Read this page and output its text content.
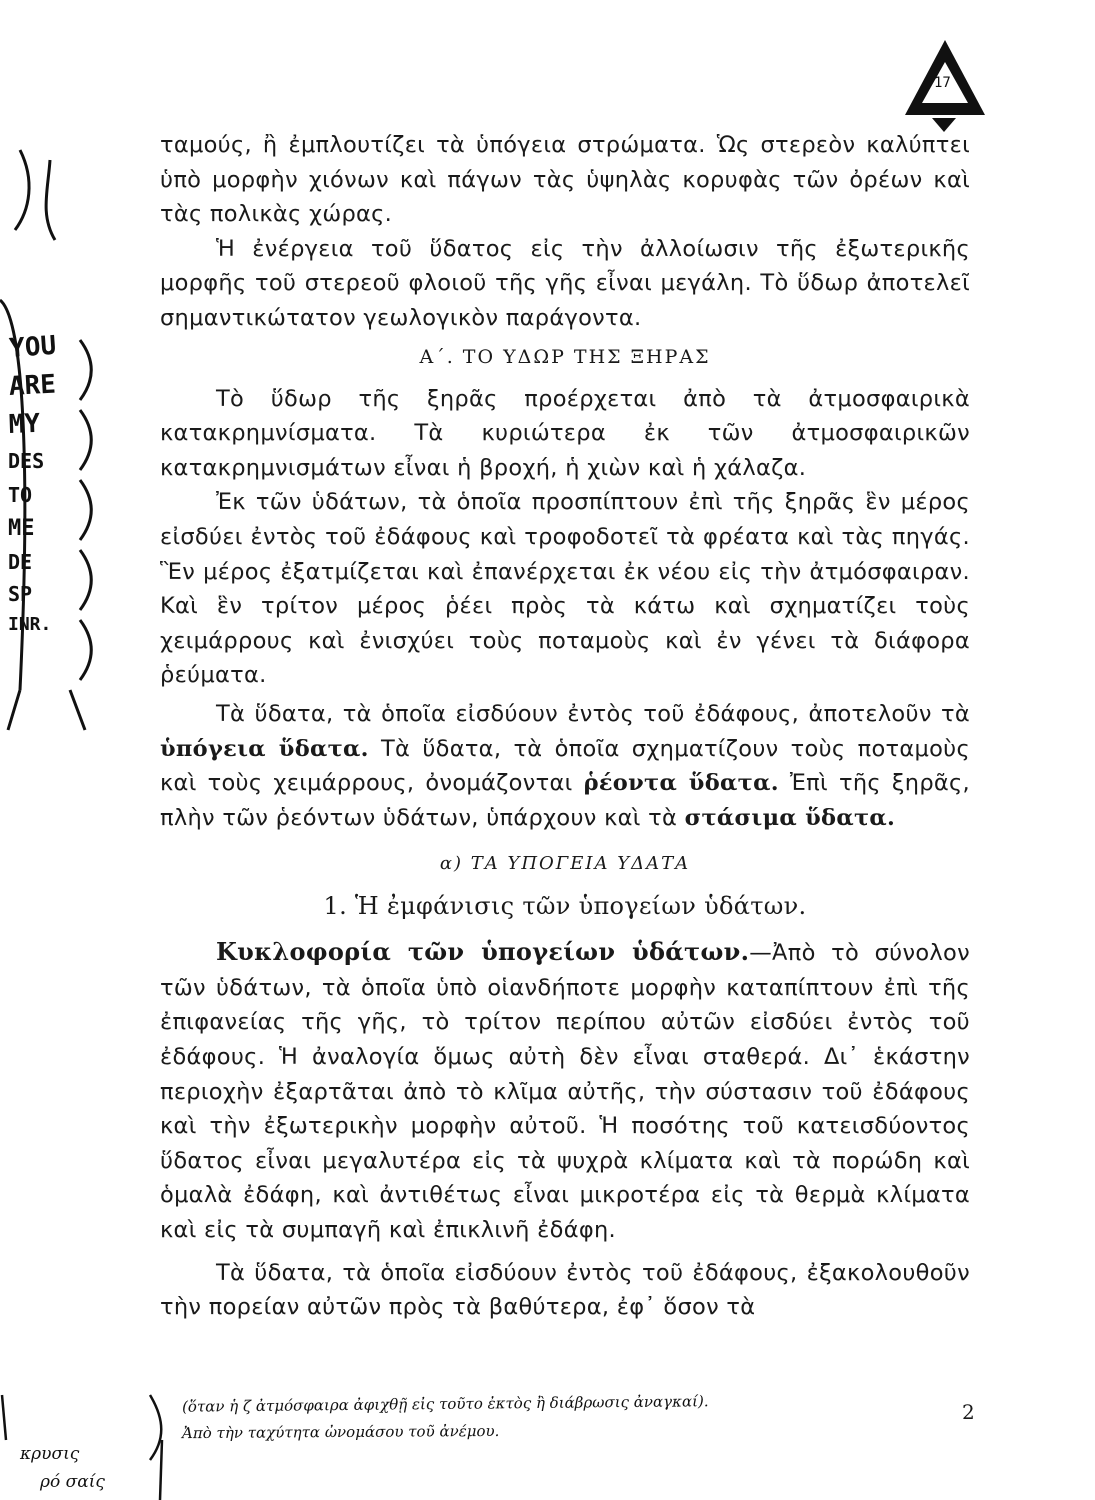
17
YOU
ARE
MY
DES
TO
ME
DE
SP
INR.

ταμούς, ἢ ἐμπλουτίζει τὰ ὑπόγεια στρώματα. Ὡς στερεὸν καλύπτει ὑπὸ μορφὴν χιόνων καὶ πάγων τὰς ὑψηλὰς κορυφὰς τῶν ὀρέων καὶ τὰς πολικὰς χώρας.

Ἡ ἐνέργεια τοῦ ὕδατος εἰς τὴν ἀλλοίωσιν τῆς ἐξωτερικῆς μορφῆς τοῦ στερεοῦ φλοιοῦ τῆς γῆς εἶναι μεγάλη. Τὸ ὕδωρ ἀποτελεῖ σημαντικώτατον γεωλογικὸν παράγοντα.

Α΄. ΤΟ ΥΔΩΡ ΤΗΣ ΞΗΡΑΣ

Τὸ ὕδωρ τῆς ξηρᾶς προέρχεται ἀπὸ τὰ ἀτμοσφαιρικὰ κατακρημνίσματα. Τὰ κυριώτερα ἐκ τῶν ἀτμοσφαιρικῶν κατακρημνισμάτων εἶναι ἡ βροχή, ἡ χιὼν καὶ ἡ χάλαζα.

Ἐκ τῶν ὑδάτων, τὰ ὁποῖα προσπίπτουν ἐπὶ τῆς ξηρᾶς ἓν μέρος εἰσδύει ἐντὸς τοῦ ἐδάφους καὶ τροφοδοτεῖ τὰ φρέατα καὶ τὰς πηγάς. Ἓν μέρος ἐξατμίζεται καὶ ἐπανέρχεται ἐκ νέου εἰς τὴν ἀτμόσφαιραν. Καὶ ἓν τρίτον μέρος ῥέει πρὸς τὰ κάτω καὶ σχηματίζει τοὺς χειμάρρους καὶ ἐνισχύει τοὺς ποταμοὺς καὶ ἐν γένει τὰ διάφορα ῥεύματα.

Τὰ ὕδατα, τὰ ὁποῖα εἰσδύουν ἐντὸς τοῦ ἐδάφους, ἀποτελοῦν τὰ ὑπόγεια ὕδατα. Τὰ ὕδατα, τὰ ὁποῖα σχηματίζουν τοὺς ποταμοὺς καὶ τοὺς χειμάρρους, ὀνομάζονται ῥέοντα ὕδατα. Ἐπὶ τῆς ξηρᾶς, πλὴν τῶν ῥεόντων ὑδάτων, ὑπάρχουν καὶ τὰ στάσιμα ὕδατα.

α) ΤΑ ΥΠΟΓΕΙΑ ΥΔΑΤΑ
1. Ἡ ἐμφάνισις τῶν ὑπογείων ὑδάτων.

Κυκλοφορία τῶν ὑπογείων ὑδάτων.—Ἀπὸ τὸ σύνολον τῶν ὑδάτων, τὰ ὁποῖα ὑπὸ οἱανδήποτε μορφὴν καταπίπτουν ἐπὶ τῆς ἐπιφανείας τῆς γῆς, τὸ τρίτον περίπου αὐτῶν εἰσδύει ἐντὸς τοῦ ἐδάφους. Ἡ ἀναλογία ὅμως αὐτὴ δὲν εἶναι σταθερά. Δι᾿ ἑκάστην περιοχὴν ἐξαρτᾶται ἀπὸ τὸ κλῖμα αὐτῆς, τὴν σύστασιν τοῦ ἐδάφους καὶ τὴν ἐξωτερικὴν μορφὴν αὐτοῦ. Ἡ ποσότης τοῦ κατεισδύοντος ὕδατος εἶναι μεγαλυτέρα εἰς τὰ ψυχρὰ κλίματα καὶ τὰ πορώδη καὶ ὁμαλὰ ἐδάφη, καὶ ἀντιθέτως εἶναι μικροτέρα εἰς τὰ θερμὰ κλίματα καὶ εἰς τὰ συμπαγῆ καὶ ἐπικλινῆ ἐδάφη.

Τὰ ὕδατα, τὰ ὁποῖα εἰσδύουν ἐντὸς τοῦ ἐδάφους, ἐξακολουθοῦν τὴν πορείαν αὐτῶν πρὸς τὰ βαθύτερα, ἐφ᾿ ὅσον τὰ

(ὅταν ἡ ζ ἀτμόσφαιρα ἀφιχθῇ εἰς τοῦτο ἐκτὸς ἢ διάβρωσις ἀναγκαί).
Ἀπὸ τὴν ταχύτητα ὠνομάσου τοῦ ἀνέμου.
κρυσις
ρό σαίς
2
